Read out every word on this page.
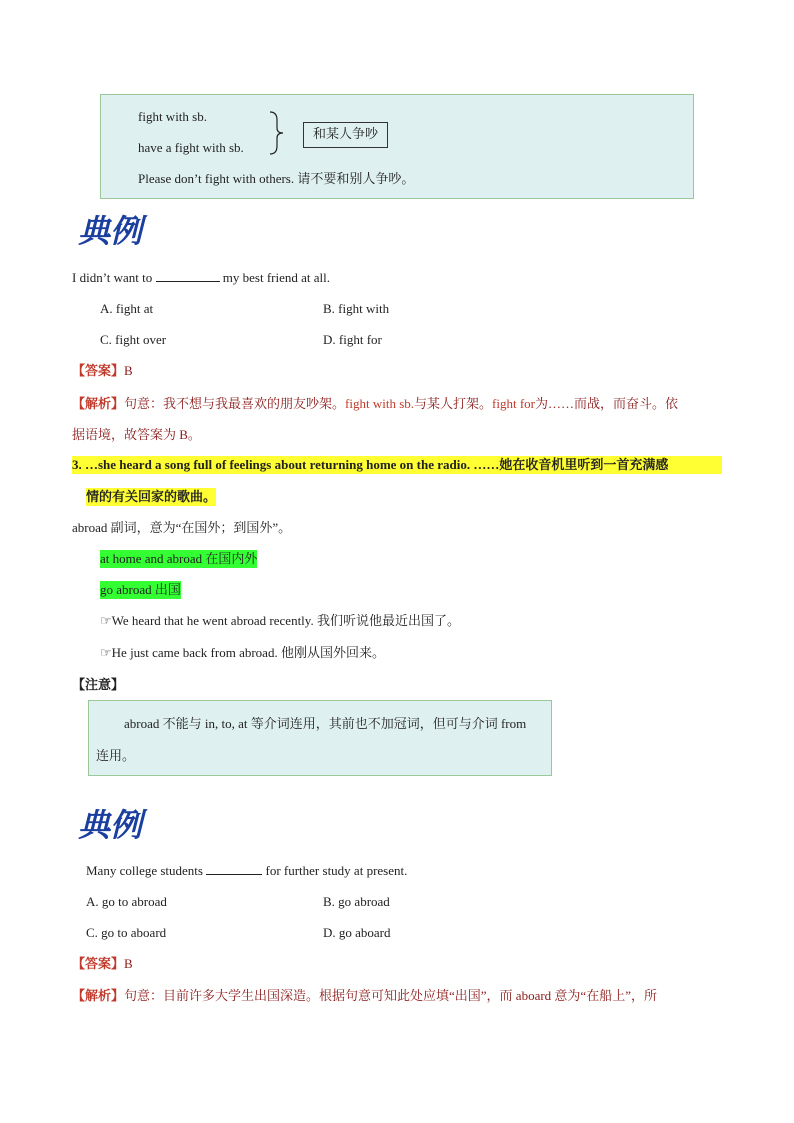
fight with sb.
have a fight with sb.
和某人争吵
Please don’t fight with others. 请不要和别人争吵。
典例
I didn’t want to	my best friend at all.
A. fight at	B. fight with
C. fight over	D. fight for
【答案】B
【解析】句意：我不想与我最喜欢的朋友吵架。fight with sb.与某人打架。fight for为……而战，而奋斗。依
据语境，故答案为 B。
3. …she heard a song full of feelings about returning home on the radio. ……她在收音机里听到一首充满感
情的有关回家的歌曲。
abroad 副词，意为“在国外；到国外”。
at home and abroad 在国内外
go abroad 出国
☞We heard that he went abroad recently. 我们听说他最近出国了。
☞He just came back from abroad. 他刚从国外回来。
【注意】
abroad 不能与 in, to, at 等介词连用，其前也不加冠词，但可与介词 from
连用。
典例
Many college students	for further study at present.
A. go to abroad	B. go abroad
C. go to aboard	D. go aboard
【答案】B
【解析】句意：目前许多大学生出国深造。根据句意可知此处应填“出国”，而 aboard 意为“在船上”，所
